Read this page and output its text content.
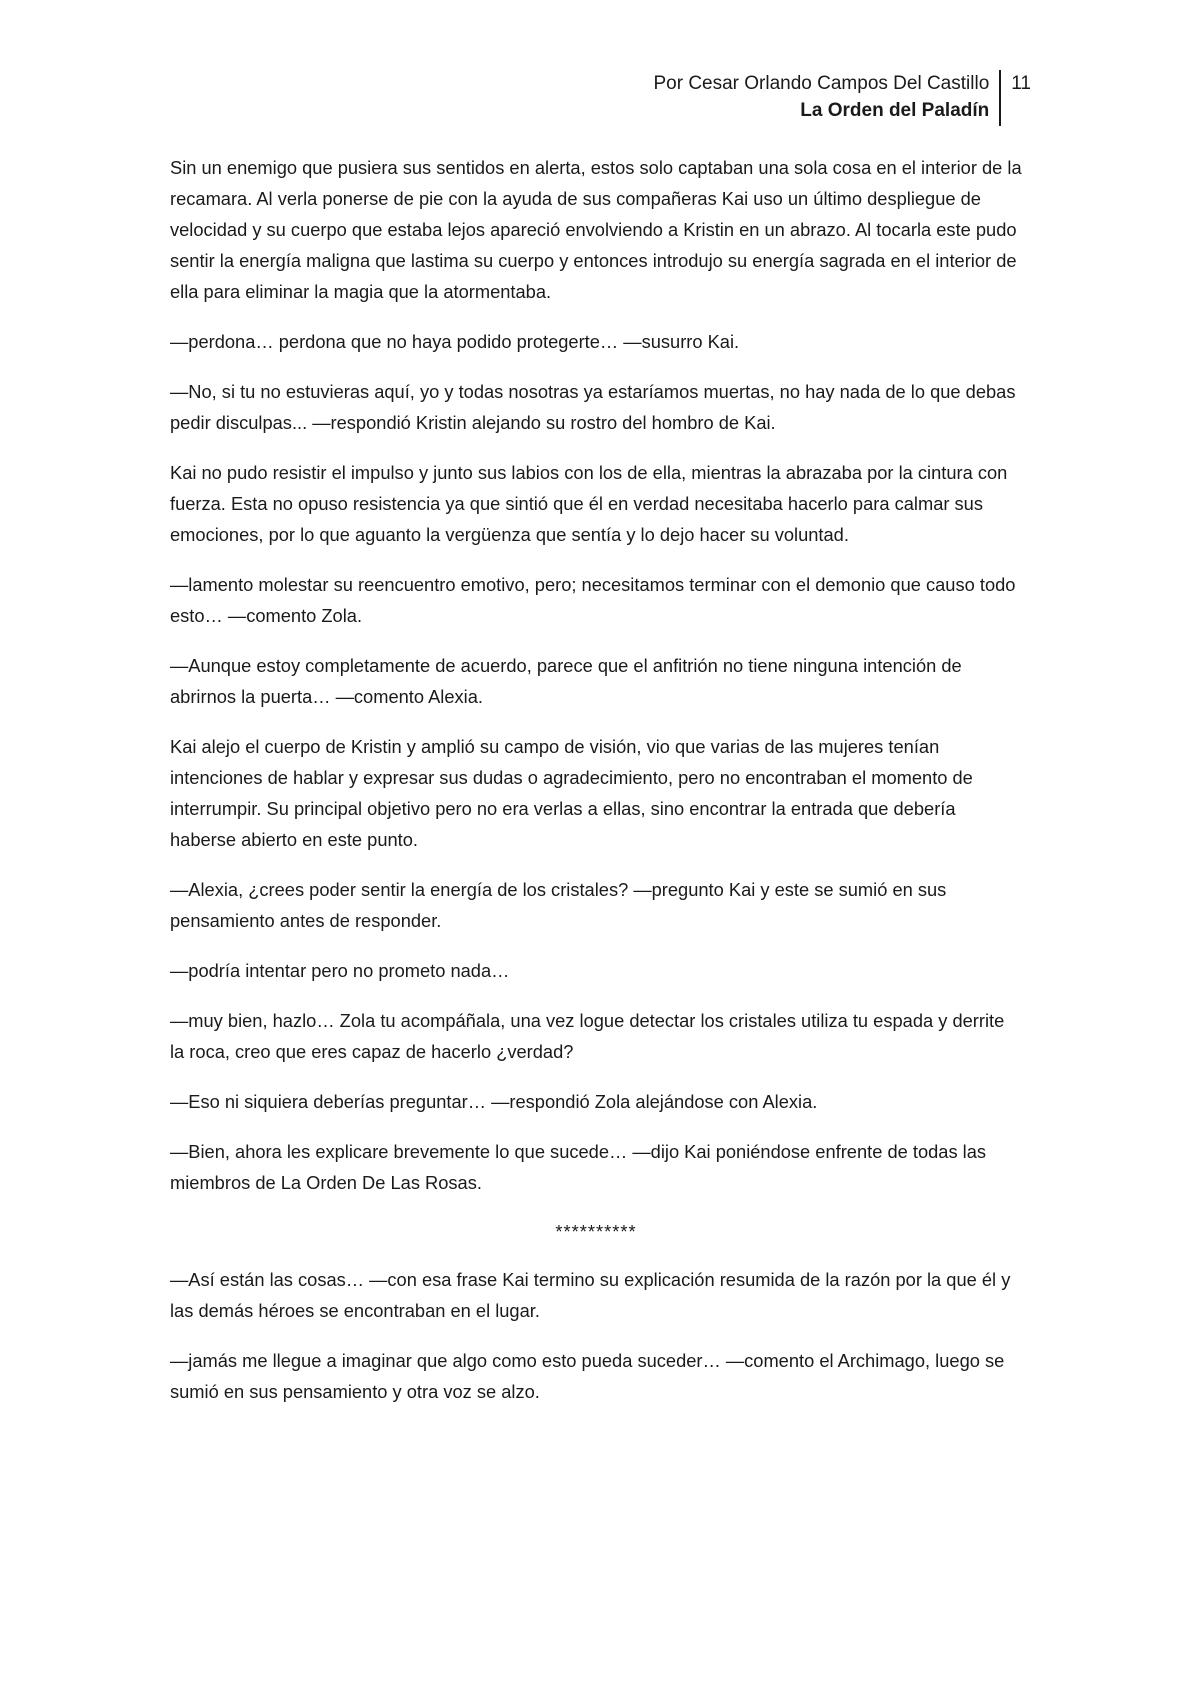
Por Cesar Orlando Campos Del Castillo
La Orden del Paladín
11

Sin un enemigo que pusiera sus sentidos en alerta, estos solo captaban una sola cosa en el interior de la recamara. Al verla ponerse de pie con la ayuda de sus compañeras Kai uso un último despliegue de velocidad y su cuerpo que estaba lejos apareció envolviendo a Kristin en un abrazo. Al tocarla este pudo sentir la energía maligna que lastima su cuerpo y entonces introdujo su energía sagrada en el interior de ella para eliminar la magia que la atormentaba.

—perdona… perdona que no haya podido protegerte… —susurro Kai.

—No, si tu no estuvieras aquí, yo y todas nosotras ya estaríamos muertas, no hay nada de lo que debas pedir disculpas... —respondió Kristin alejando su rostro del hombro de Kai.

Kai no pudo resistir el impulso y junto sus labios con los de ella, mientras la abrazaba por la cintura con fuerza. Esta no opuso resistencia ya que sintió que él en verdad necesitaba hacerlo para calmar sus emociones, por lo que aguanto la vergüenza que sentía y lo dejo hacer su voluntad.

—lamento molestar su reencuentro emotivo, pero; necesitamos terminar con el demonio que causo todo esto… —comento Zola.

—Aunque estoy completamente de acuerdo, parece que el anfitrión no tiene ninguna intención de abrirnos la puerta… —comento Alexia.

Kai alejo el cuerpo de Kristin y amplió su campo de visión, vio que varias de las mujeres tenían intenciones de hablar y expresar sus dudas o agradecimiento, pero no encontraban el momento de interrumpir. Su principal objetivo pero no era verlas a ellas, sino encontrar la entrada que debería haberse abierto en este punto.

—Alexia, ¿crees poder sentir la energía de los cristales? —pregunto Kai y este se sumió en sus pensamiento antes de responder.

—podría intentar pero no prometo nada…

—muy bien, hazlo… Zola tu acompáñala, una vez logue detectar los cristales utiliza tu espada y derrite la roca, creo que eres capaz de hacerlo ¿verdad?

—Eso ni siquiera deberías preguntar… —respondió Zola alejándose con Alexia.

—Bien, ahora les explicare brevemente lo que sucede… —dijo Kai poniéndose enfrente de todas las miembros de La Orden De Las Rosas.

**********

—Así están las cosas… —con esa frase Kai termino su explicación resumida de la razón por la que él y las demás héroes se encontraban en el lugar.

—jamás me llegue a imaginar que algo como esto pueda suceder… —comento el Archimago, luego se sumió en sus pensamiento y otra voz se alzo.
